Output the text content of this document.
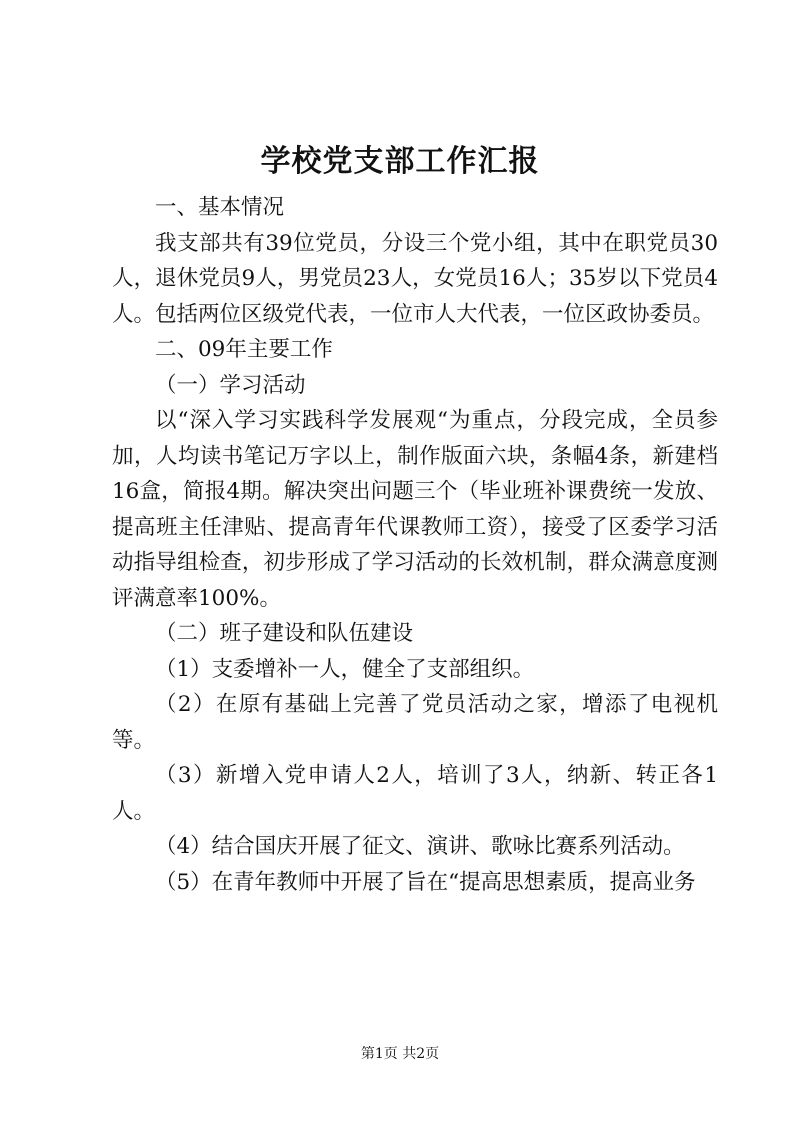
学校党支部工作汇报

一、基本情况

我支部共有39位党员，分设三个党小组，其中在职党员30人，退休党员9人，男党员23人，女党员16人；35岁以下党员4人。包括两位区级党代表，一位市人大代表，一位区政协委员。

二、09年主要工作

（一）学习活动

以“深入学习实践科学发展观“为重点，分段完成，全员参加，人均读书笔记万字以上，制作版面六块，条幅4条，新建档16盒，简报4期。解决突出问题三个（毕业班补课费统一发放、提高班主任津贴、提高青年代课教师工资），接受了区委学习活动指导组检查，初步形成了学习活动的长效机制，群众满意度测评满意率100%。

（二）班子建设和队伍建设

（1）支委增补一人，健全了支部组织。

（2）在原有基础上完善了党员活动之家，增添了电视机等。

（3）新增入党申请人2人，培训了3人，纳新、转正各1人。

（4）结合国庆开展了征文、演讲、歌咏比赛系列活动。

（5）在青年教师中开展了旨在“提高思想素质，提高业务

第1页 共2页
